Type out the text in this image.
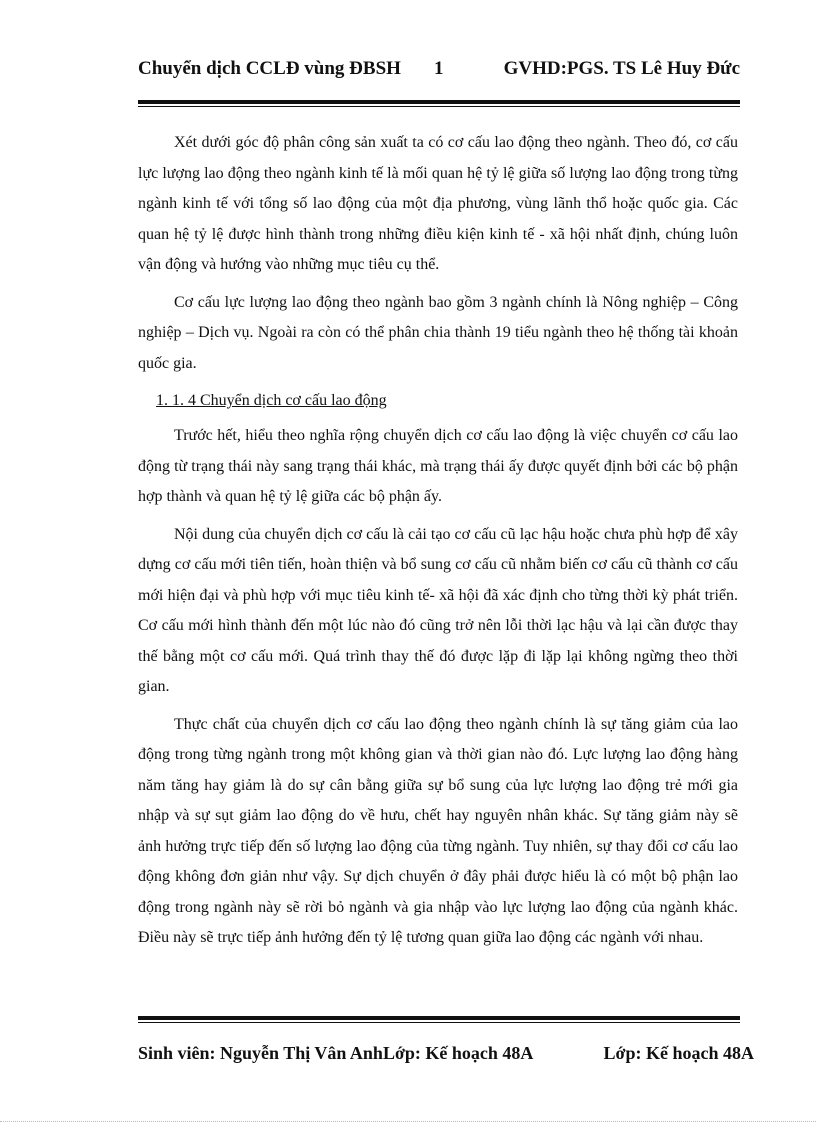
Chuyển dịch CCLĐ vùng ĐBSH 1	GVHD:PGS. TS Lê Huy Đức

Xét dưới góc độ phân công sản xuất ta có cơ cấu lao động theo ngành. Theo đó, cơ cấu lực lượng lao động theo ngành kinh tế là mối quan hệ tỷ lệ giữa số lượng lao động trong từng ngành kinh tế với tổng số lao động của một địa phương, vùng lãnh thổ hoặc quốc gia. Các quan hệ tỷ lệ được hình thành trong những điều kiện kinh tế - xã hội nhất định, chúng luôn vận động và hướng vào những mục tiêu cụ thể.

Cơ cấu lực lượng lao động theo ngành bao gồm 3 ngành chính là Nông nghiệp – Công nghiệp – Dịch vụ. Ngoài ra còn có thể phân chia thành 19 tiểu ngành theo hệ thống tài khoản quốc gia.

1. 1. 4 Chuyển dịch cơ cấu lao động

Trước hết, hiểu theo nghĩa rộng chuyển dịch cơ cấu lao động là việc chuyển cơ cấu lao động từ trạng thái này sang trạng thái khác, mà trạng thái ấy được quyết định bởi các bộ phận hợp thành và quan hệ tỷ lệ giữa các bộ phận ấy.

Nội dung của chuyển dịch cơ cấu là cải tạo cơ cấu cũ lạc hậu hoặc chưa phù hợp để xây dựng cơ cấu mới tiên tiến, hoàn thiện và bổ sung cơ cấu cũ nhằm biến cơ cấu cũ thành cơ cấu mới hiện đại và phù hợp với mục tiêu kinh tế- xã hội đã xác định cho từng thời kỳ phát triển. Cơ cấu mới hình thành đến một lúc nào đó cũng trở nên lỗi thời lạc hậu và lại cần được thay thế bằng một cơ cấu mới. Quá trình thay thế đó được lặp đi lặp lại không ngừng theo thời gian.

Thực chất của chuyển dịch cơ cấu lao động theo ngành chính là sự tăng giảm của lao động trong từng ngành trong một không gian và thời gian nào đó. Lực lượng lao động hàng năm tăng hay giảm là do sự cân bằng giữa sự bổ sung của lực lượng lao động trẻ mới gia nhập và sự sụt giảm lao động do về hưu, chết hay nguyên nhân khác. Sự tăng giảm này sẽ ảnh hưởng trực tiếp đến số lượng lao động của từng ngành. Tuy nhiên, sự thay đổi cơ cấu lao động không đơn giản như vậy. Sự dịch chuyển ở đây phải được hiểu là có một bộ phận lao động trong ngành này sẽ rời bỏ ngành và gia nhập vào lực lượng lao động của ngành khác. Điều này sẽ trực tiếp ảnh hưởng đến tỷ lệ tương quan giữa lao động các ngành với nhau.

Sinh viên: Nguyễn Thị Vân AnhLớp: Kế hoạch 48A	Lớp: Kế hoạch 48A
